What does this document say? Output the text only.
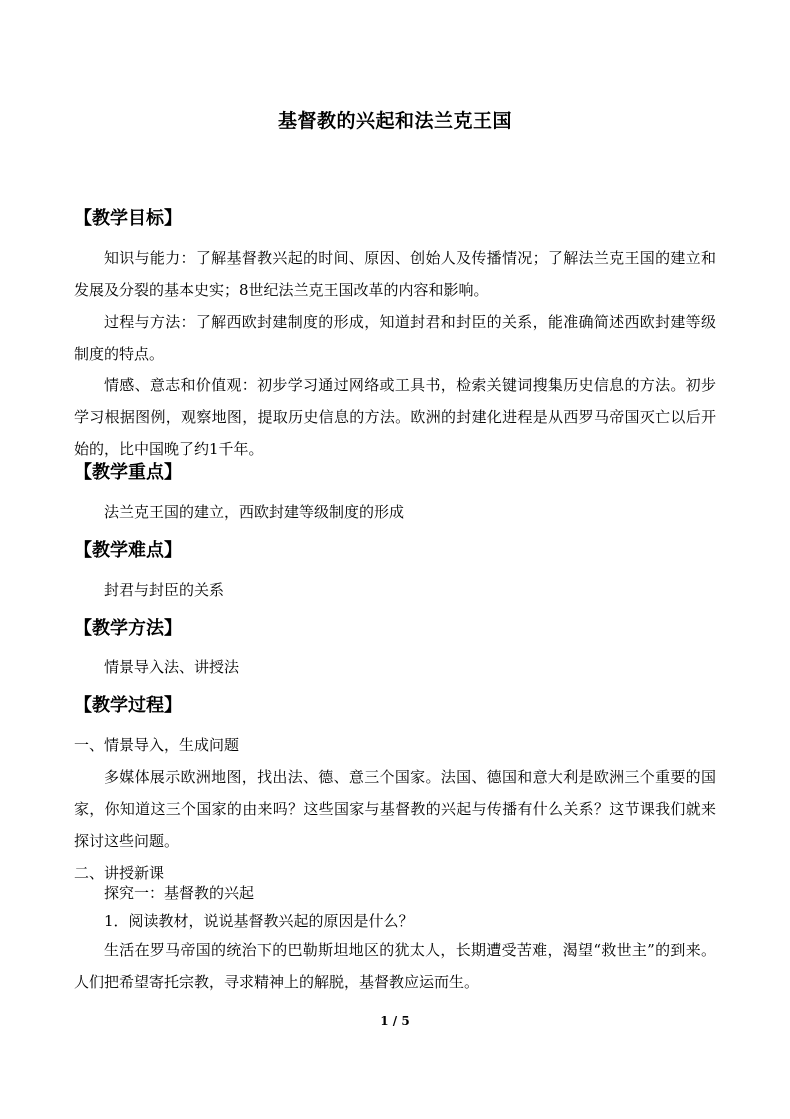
基督教的兴起和法兰克王国
【教学目标】

知识与能力：了解基督教兴起的时间、原因、创始人及传播情况；了解法兰克王国的建立和发展及分裂的基本史实；8世纪法兰克王国改革的内容和影响。

过程与方法：了解西欧封建制度的形成，知道封君和封臣的关系，能准确简述西欧封建等级制度的特点。

情感、意志和价值观：初步学习通过网络或工具书，检索关键词搜集历史信息的方法。初步学习根据图例，观察地图，提取历史信息的方法。欧洲的封建化进程是从西罗马帝国灭亡以后开始的，比中国晚了约1千年。

【教学重点】
法兰克王国的建立，西欧封建等级制度的形成
【教学难点】
封君与封臣的关系
【教学方法】
情景导入法、讲授法
【教学过程】
一、情景导入，生成问题

多媒体展示欧洲地图，找出法、德、意三个国家。法国、德国和意大利是欧洲三个重要的国家，你知道这三个国家的由来吗？这些国家与基督教的兴起与传播有什么关系？这节课我们就来探讨这些问题。

二、讲授新课
探究一：基督教的兴起
1．阅读教材，说说基督教兴起的原因是什么？

生活在罗马帝国的统治下的巴勒斯坦地区的犹太人，长期遭受苦难，渴望“救世主”的到来。人们把希望寄托宗教，寻求精神上的解脱，基督教应运而生。

1 / 5
